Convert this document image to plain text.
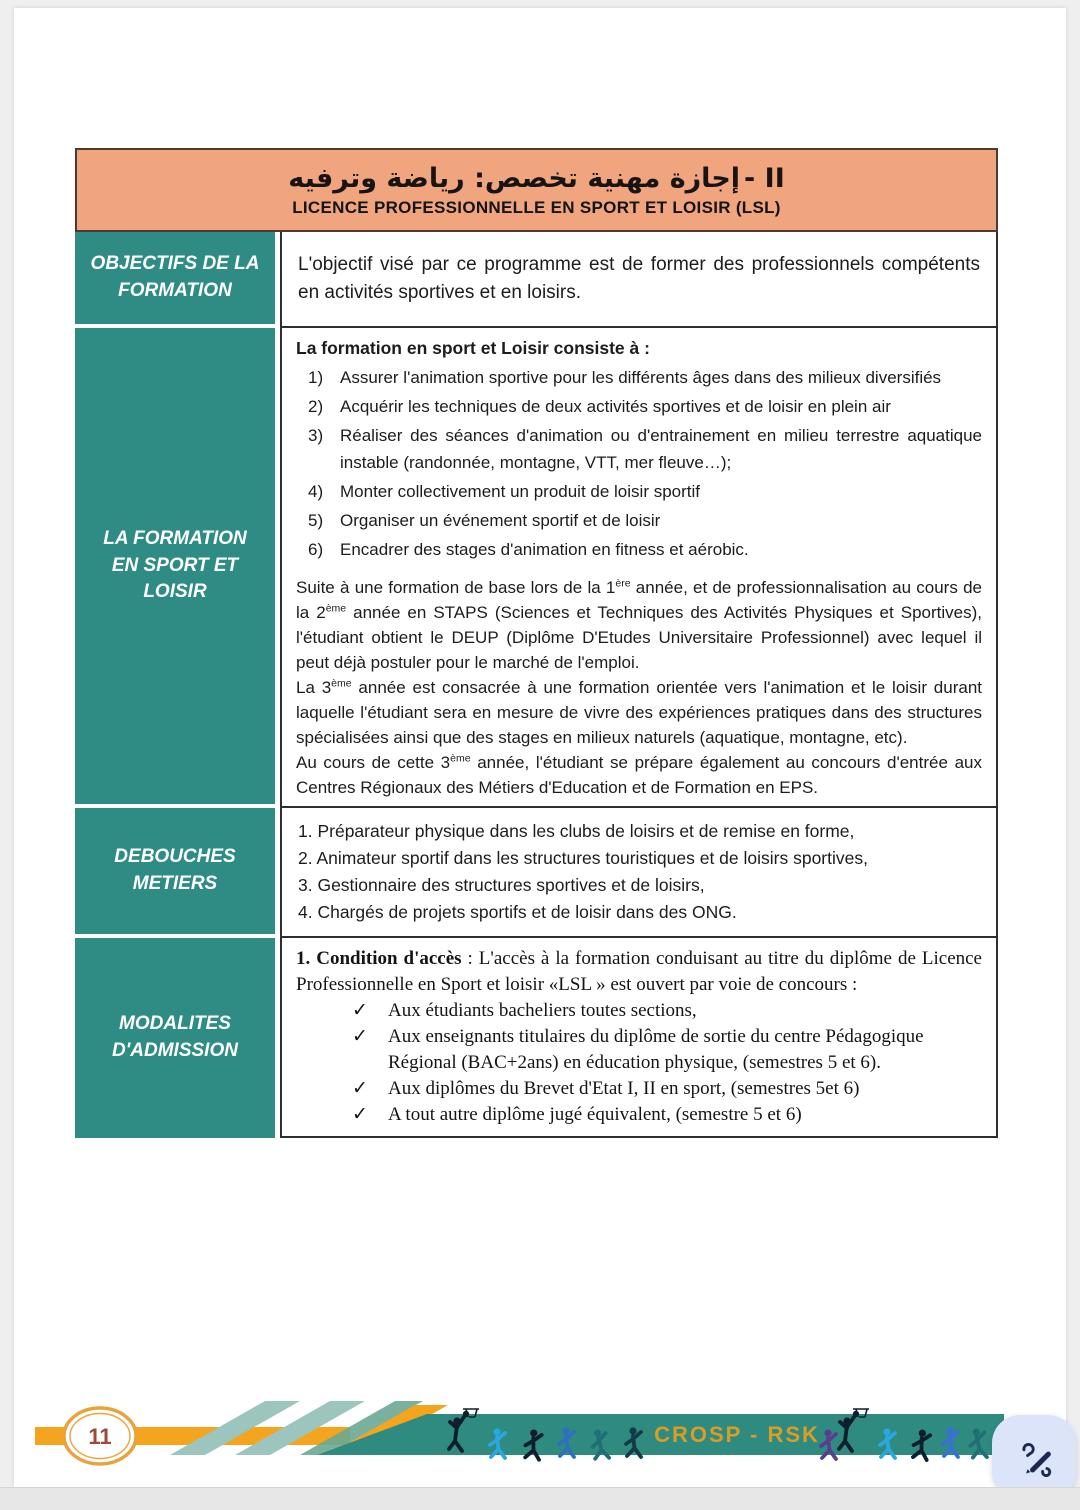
إجازة مهنية تخصص: رياضة وترفيه - II
LICENCE PROFESSIONNELLE EN SPORT ET LOISIR (LSL)
OBJECTIFS DE LA FORMATION
L'objectif visé par ce programme est de former des professionnels compétents en activités sportives et en loisirs.
LA FORMATION EN SPORT ET LOISIR
La formation en sport et Loisir consiste à :
1) Assurer l'animation sportive pour les différents âges dans des milieux diversifiés
2) Acquérir les techniques de deux activités sportives et de loisir en plein air
3) Réaliser des séances d'animation ou d'entrainement en milieu terrestre aquatique instable (randonnée, montagne, VTT, mer fleuve…);
4) Monter collectivement un produit de loisir sportif
5) Organiser un événement sportif et de loisir
6) Encadrer des stages d'animation en fitness et aérobic.
Suite à une formation de base lors de la 1ère année, et de professionnalisation au cours de la 2ème année en STAPS (Sciences et Techniques des Activités Physiques et Sportives), l'étudiant obtient le DEUP (Diplôme D'Etudes Universitaire Professionnel) avec lequel il peut déjà postuler pour le marché de l'emploi.
La 3ème année est consacrée à une formation orientée vers l'animation et le loisir durant laquelle l'étudiant sera en mesure de vivre des expériences pratiques dans des structures spécialisées ainsi que des stages en milieux naturels (aquatique, montagne, etc).
Au cours de cette 3ème année, l'étudiant se prépare également au concours d'entrée aux Centres Régionaux des Métiers d'Education et de Formation en EPS.
DEBOUCHES METIERS
1. Préparateur physique dans les clubs de loisirs et de remise en forme,
2. Animateur sportif dans les structures touristiques et de loisirs sportives,
3. Gestionnaire des structures sportives et de loisirs,
4. Chargés de projets sportifs et de loisir dans des ONG.
MODALITES D'ADMISSION
1. Condition d'accès : L'accès à la formation conduisant au titre du diplôme de Licence Professionnelle en Sport et loisir «LSL » est ouvert par voie de concours :
✓	Aux étudiants bacheliers toutes sections,
✓	Aux enseignants titulaires du diplôme de sortie du centre Pédagogique Régional (BAC+2ans) en éducation physique, (semestres 5 et 6).
✓	Aux diplômes du Brevet d'Etat I, II en sport, (semestres 5et 6)
✓	A tout autre diplôme jugé équivalent, (semestre 5 et 6)
CROSP - RSK
11
